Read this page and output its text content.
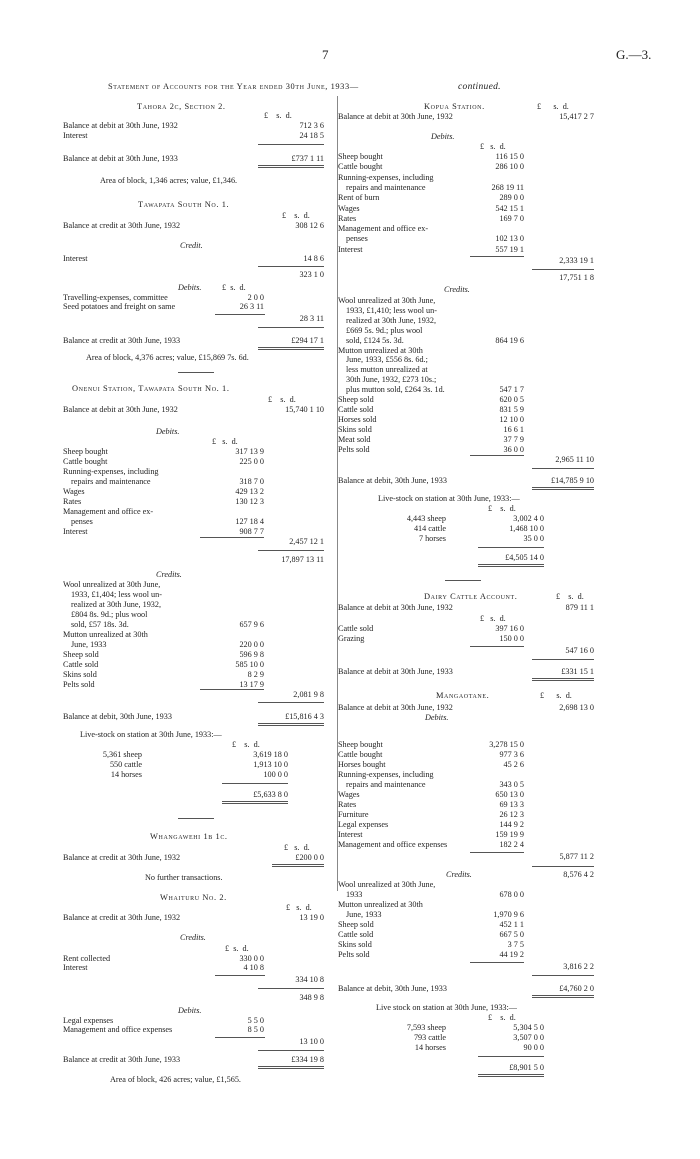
7	G.—3.
Statement of Accounts for the Year ended 30th June, 1933—	continued.
Tahora 2c, Section 2.
£ s. d.
Balance at debit at 30th June, 1932	712 3 6
Interest	24 18 5
Balance at debit at 30th June, 1933	£737 1 11
Area of block, 1,346 acres; value, £1,346.
Tawapata South No. 1.
£ s. d.
Balance at credit at 30th June, 1932	308 12 6
Credit.
Interest	14 8 6
323 1 0
Debits.	£ s. d.
Travelling-expenses, committee	2 0 0
Seed potatoes and freight on same	26 3 11
28 3 11
Balance at credit at 30th June, 1933	£294 17 1
Area of block, 4,376 acres; value, £15,869 7s. 6d.
Onenui Station, Tawapata South No. 1.
£ s. d.
Balance at debit at 30th June, 1932	15,740 1 10
Debits.
£ s. d.
Sheep bought	317 13 9
Cattle bought	225 0 0
Running-expenses, including
repairs and maintenance	318 7 0
Wages	429 13 2
Rates	130 12 3
Management and office ex-
penses	127 18 4
Interest	908 7 7
2,457 12 1
17,897 13 11
Credits.
Wool unrealized at 30th June,
1933, £1,404; less wool un-
realized at 30th June, 1932,
£804 8s. 9d.; plus wool
sold, £57 18s. 3d.	657 9 6
Mutton unrealized at 30th
June, 1933	220 0 0
Sheep sold	596 9 8
Cattle sold	585 10 0
Skins sold	8 2 9
Pelts sold	13 17 9
2,081 9 8
Balance at debit, 30th June, 1933	£15,816 4 3
Live-stock on station at 30th June, 1933:—
£ s. d.
5,361 sheep	3,619 18 0
550 cattle	1,913 10 0
14 horses	100 0 0
£5,633 8 0
Whangawehi 1b 1c.
£ s. d.
Balance at credit at 30th June, 1932	£200 0 0
No further transactions.
Whaituru No. 2.
£ s. d.
Balance at credit at 30th June, 1932	13 19 0
Credits.
£ s. d.
Rent collected	330 0 0
Interest	4 10 8
334 10 8
348 9 8
Debits.
Legal expenses	5 5 0
Management and office expenses	8 5 0
13 10 0
Balance at credit at 30th June, 1933	£334 19 8
Area of block, 426 acres; value, £1,565.
Kopua Station.	£ s. d.
Balance at debit at 30th June, 1932	15,417 2 7
Debits.
£ s. d.
Sheep bought	116 15 0
Cattle bought	286 10 0
Running-expenses, including
repairs and maintenance	268 19 11
Rent of burn	289 0 0
Wages	542 15 1
Rates	169 7 0
Management and office ex-
penses	102 13 0
Interest	557 19 1
2,333 19 1
17,751 1 8
Credits.
Wool unrealized at 30th June,
1933, £1,410; less wool un-
realized at 30th June, 1932,
£669 5s. 9d.; plus wool
sold, £124 5s. 3d.	864 19 6
Mutton unrealized at 30th
June, 1933, £556 8s. 6d.;
less mutton unrealized at
30th June, 1932, £273 10s.;
plus mutton sold, £264 3s. 1d.	547 1 7
Sheep sold	620 0 5
Cattle sold	831 5 9
Horses sold	12 10 0
Skins sold	16 6 1
Meat sold	37 7 9
Pelts sold	36 0 0
2,965 11 10
Balance at debit, 30th June, 1933	£14,785 9 10
Live-stock on station at 30th June, 1933:—
£ s. d.
4,443 sheep	3,002 4 0
414 cattle	1,468 10 0
7 horses	35 0 0
£4,505 14 0
Dairy Cattle Account.	£ s. d.
Balance at debit at 30th June, 1932	879 11 1
£ s. d.
Cattle sold	397 16 0
Grazing	150 0 0
547 16 0
Balance at debit at 30th June, 1933	£331 15 1
Mangaotane.	£ s. d.
Balance at debit at 30th June, 1932	2,698 13 0
Debits.
Sheep bought	3,278 15 0
Cattle bought	977 3 6
Horses bought	45 2 6
Running-expenses, including
repairs and maintenance	343 0 5
Wages	650 13 0
Rates	69 13 3
Furniture	26 12 3
Legal expenses	144 9 2
Interest	159 19 9
Management and office expenses	182 2 4
5,877 11 2
8,576 4 2
Credits.
Wool unrealized at 30th June,
1933	678 0 0
Mutton unrealized at 30th
June, 1933	1,970 9 6
Sheep sold	452 1 1
Cattle sold	667 5 0
Skins sold	3 7 5
Pelts sold	44 19 2
3,816 2 2
Balance at debit, 30th June, 1933	£4,760 2 0
Live stock on station at 30th June, 1933:—
£ s. d.
7,593 sheep	5,304 5 0
793 cattle	3,507 0 0
14 horses	90 0 0
£8,901 5 0
